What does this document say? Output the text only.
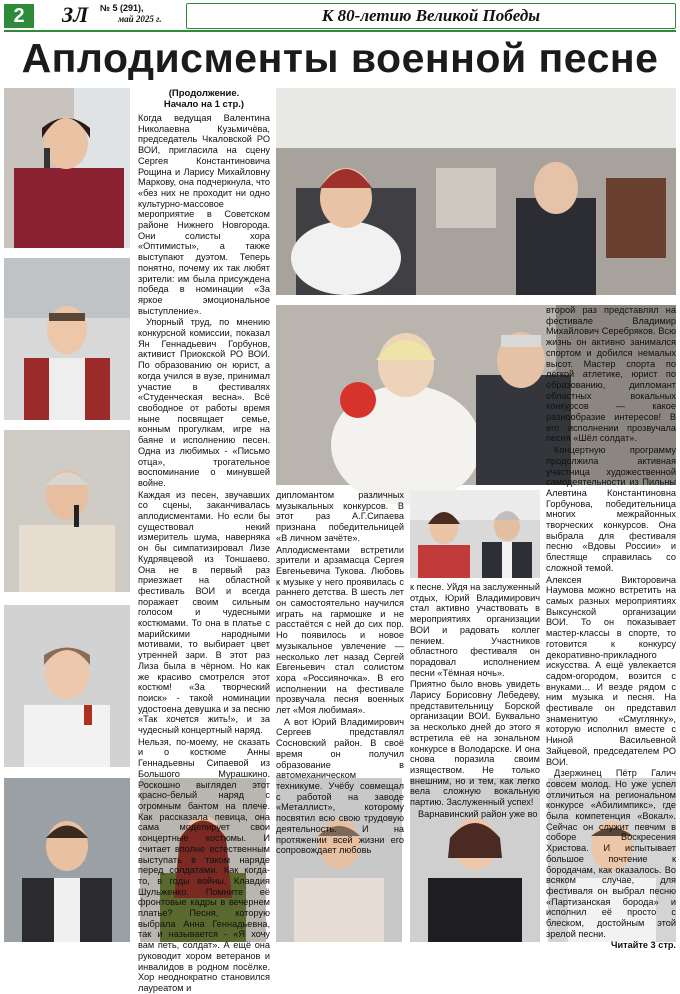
2	ЗЛ № 5 (291),
май 2025 г.	К 80-летию Великой Победы
Аплодисменты военной песне
(Продолжение.
Начало на 1 стр.)

Когда ведущая Валентина Николаевна Кузьмичёва, председатель Чкаловской РО ВОИ, пригласила на сцену Сергея Константиновича Рощина и Ларису Михайловну Маркову, она подчеркнула, что «без них не проходит ни одно культурно-массовое мероприятие в Советском районе Нижнего Новгорода. Они солисты хора «Оптимисты», а также выступают дуэтом. Теперь понятно, почему их так любят зрители: им была присуждена победа в номинации «За яркое эмоциональное выступление».

Упорный труд, по мнению конкурсной комиссии, показал Ян Геннадьевич Горбунов, активист Приокской РО ВОИ. По образованию он юрист, а когда учился в вузе, принимал участие в фестивалях «Студенческая весна». Всё свободное от работы время ныне посвящает семье, конным прогулкам, игре на баяне и исполнению песен. Одна из любимых - «Письмо отца», трогательное воспоминание о минувшей войне.

Каждая из песен, звучавших со сцены, заканчивалась аплодисментами. Но если бы существовал некий измеритель шума, наверняка он бы симпатизировал Лизе Кудрявцевой из Тоншаево. Она не в первый раз приезжает на областной фестиваль ВОИ и всегда поражает своим сильным голосом и чудесными костюмами. То она в платье с марийскими народными мотивами, то выбирает цвет утренней зари. В этот раз Лиза была в чёрном. Но как же красиво смотрелся этот костюм! «За творческий поиск» - такой номинации удостоена девушка и за песню «Так хочется жить!», и за чудесный концертный наряд.

Нельзя, по-моему, не сказать и о костюме Анны Геннадьевны Сипаевой из Большого Мурашкино. Роскошно выглядел этот красно-белый наряд с огромным бантом на плече. Как рассказала певица, она сама моделирует свои концертные костюмы. И считает вполне естественным выступать в таком наряде перед солдатами. Как когда-то, в годы войны, Клавдия Шульженко. Помните её фронтовые кадры в вечернем платье? Песня, которую выбрала Анна Геннадьевна, так и называется - «Я хочу вам петь, солдат». А ещё она руководит хором ветеранов и инвалидов в родном посёлке. Хор неоднократно становился лауреатом и

дипломантом различных музыкальных конкурсов. В этот раз А.Г.Сипаева признана победительницей «В личном зачёте».

Аплодисментами встретили зрители и арзамасца Сергея Евгеньевича Тукова. Любовь к музыке у него проявилась с раннего детства. В шесть лет он самостоятельно научился играть на гармошке и не расстаётся с ней до сих пор. Но появилось и новое музыкальное увлечение — несколько лет назад Сергей Евгеньевич стал солистом хора «Россияночка». В его исполнении на фестивале прозвучала песня военных лет «Моя любимая».

А вот Юрий Владимирович Сергеев представлял Сосновский район. В своё время он получил образование в автомеханическом техникуме. Учёбу совмещал с работой на заводе «Металлист», которому посвятил всю свою трудовую деятельность. И на протяжении всей жизни его сопровождает любовь

к песне. Уйдя на заслуженный отдых, Юрий Владимирович стал активно участвовать в мероприятиях организации ВОИ и радовать коллег пением. Участников областного фестиваля он порадовал исполнением песни «Тёмная ночь».

Приятно было вновь увидеть Ларису Борисовну Лебедеву, представительницу Борской организации ВОИ. Буквально за несколько дней до этого я встретила её на зональном конкурсе в Володарске. И она снова поразила своим изяществом. Не только внешним, но и тем, как легко вела сложную вокальную партию. Заслуженный успех!

Варнавинский район уже во

второй раз представлял на фестивале Владимир Михайлович Серебряков. Всю жизнь он активно занимался спортом и добился немалых высот. Мастер спорта по лёгкой атлетике, юрист по образованию, дипломант областных вокальных конкурсов — какое разнообразие интересов! В его исполнении прозвучала песня «Шёл солдат».

Концертную программу продолжила активная участница художественной самодеятельности из Пильны Алевтина Константиновна Горбунова, победительница многих межрайонных творческих конкурсов. Она выбрала для фестиваля песню «Вдовы России» и блестяще справилась со сложной темой.

Алексея Викторовича Наумова можно встретить на самых разных мероприятиях Выксунской организации ВОИ. То он показывает мастер-классы в спорте, то готовится к конкурсу декоративно-прикладного искусства. А ещё увлекается садом-огородом, возится с внуками… И везде рядом с ним музыка и песня. На фестивале он представил знаменитую «Смуглянку», которую исполнил вместе с Ниной Васильевной Зайцевой, председателем РО ВОИ.

Дзержинец Пётр Галич совсем молод. Но уже успел отличиться на региональном конкурсе «Абилимпикс», где была компетенция «Вокал». Сейчас он служит певчим в соборе Воскресения Христова. И испытывает большое почтение к бородачам, как оказалось. Во всяком случае, для фестиваля он выбрал песню «Партизанская борода» и исполнил её просто с блеском, достойным этой зрелой песни.

Читайте 3 стр.
